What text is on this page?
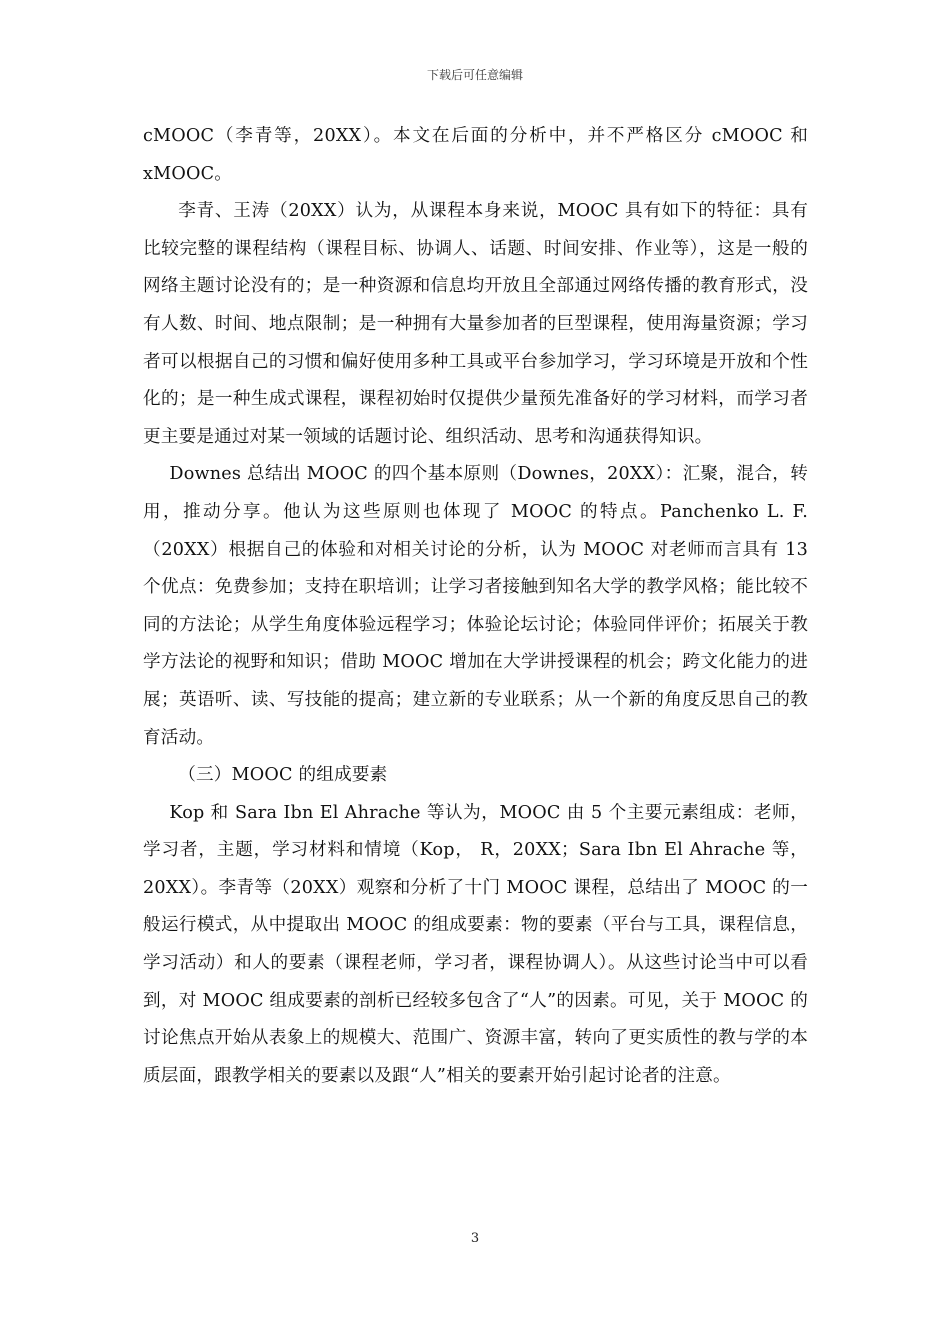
下载后可任意编辑

cMOOC（李青等，20XX）。本文在后面的分析中，并不严格区分 cMOOC 和 xMOOC。

李青、王涛（20XX）认为，从课程本身来说，MOOC 具有如下的特征：具有比较完整的课程结构（课程目标、协调人、话题、时间安排、作业等），这是一般的网络主题讨论没有的；是一种资源和信息均开放且全部通过网络传播的教育形式，没有人数、时间、地点限制；是一种拥有大量参加者的巨型课程，使用海量资源；学习者可以根据自己的习惯和偏好使用多种工具或平台参加学习，学习环境是开放和个性化的；是一种生成式课程，课程初始时仅提供少量预先准备好的学习材料，而学习者更主要是通过对某一领域的话题讨论、组织活动、思考和沟通获得知识。

Downes 总结出 MOOC 的四个基本原则（Downes，20XX）：汇聚，混合，转用，推动分享。他认为这些原则也体现了 MOOC 的特点。Panchenko L. F.（20XX）根据自己的体验和对相关讨论的分析，认为 MOOC 对老师而言具有 13 个优点：免费参加；支持在职培训；让学习者接触到知名大学的教学风格；能比较不同的方法论；从学生角度体验远程学习；体验论坛讨论；体验同伴评价；拓展关于教学方法论的视野和知识；借助 MOOC 增加在大学讲授课程的机会；跨文化能力的进展；英语听、读、写技能的提高；建立新的专业联系；从一个新的角度反思自己的教育活动。

（三）MOOC 的组成要素

Kop 和 Sara Ibn El Ahrache 等认为，MOOC 由 5 个主要元素组成：老师，学习者，主题，学习材料和情境（Kop， R，20XX；Sara Ibn El Ahrache 等，20XX）。李青等（20XX）观察和分析了十门 MOOC 课程，总结出了 MOOC 的一般运行模式，从中提取出 MOOC 的组成要素：物的要素（平台与工具，课程信息，学习活动）和人的要素（课程老师，学习者，课程协调人）。从这些讨论当中可以看到，对 MOOC 组成要素的剖析已经较多包含了“人”的因素。可见，关于 MOOC 的讨论焦点开始从表象上的规模大、范围广、资源丰富，转向了更实质性的教与学的本质层面，跟教学相关的要素以及跟“人”相关的要素开始引起讨论者的注意。

3
